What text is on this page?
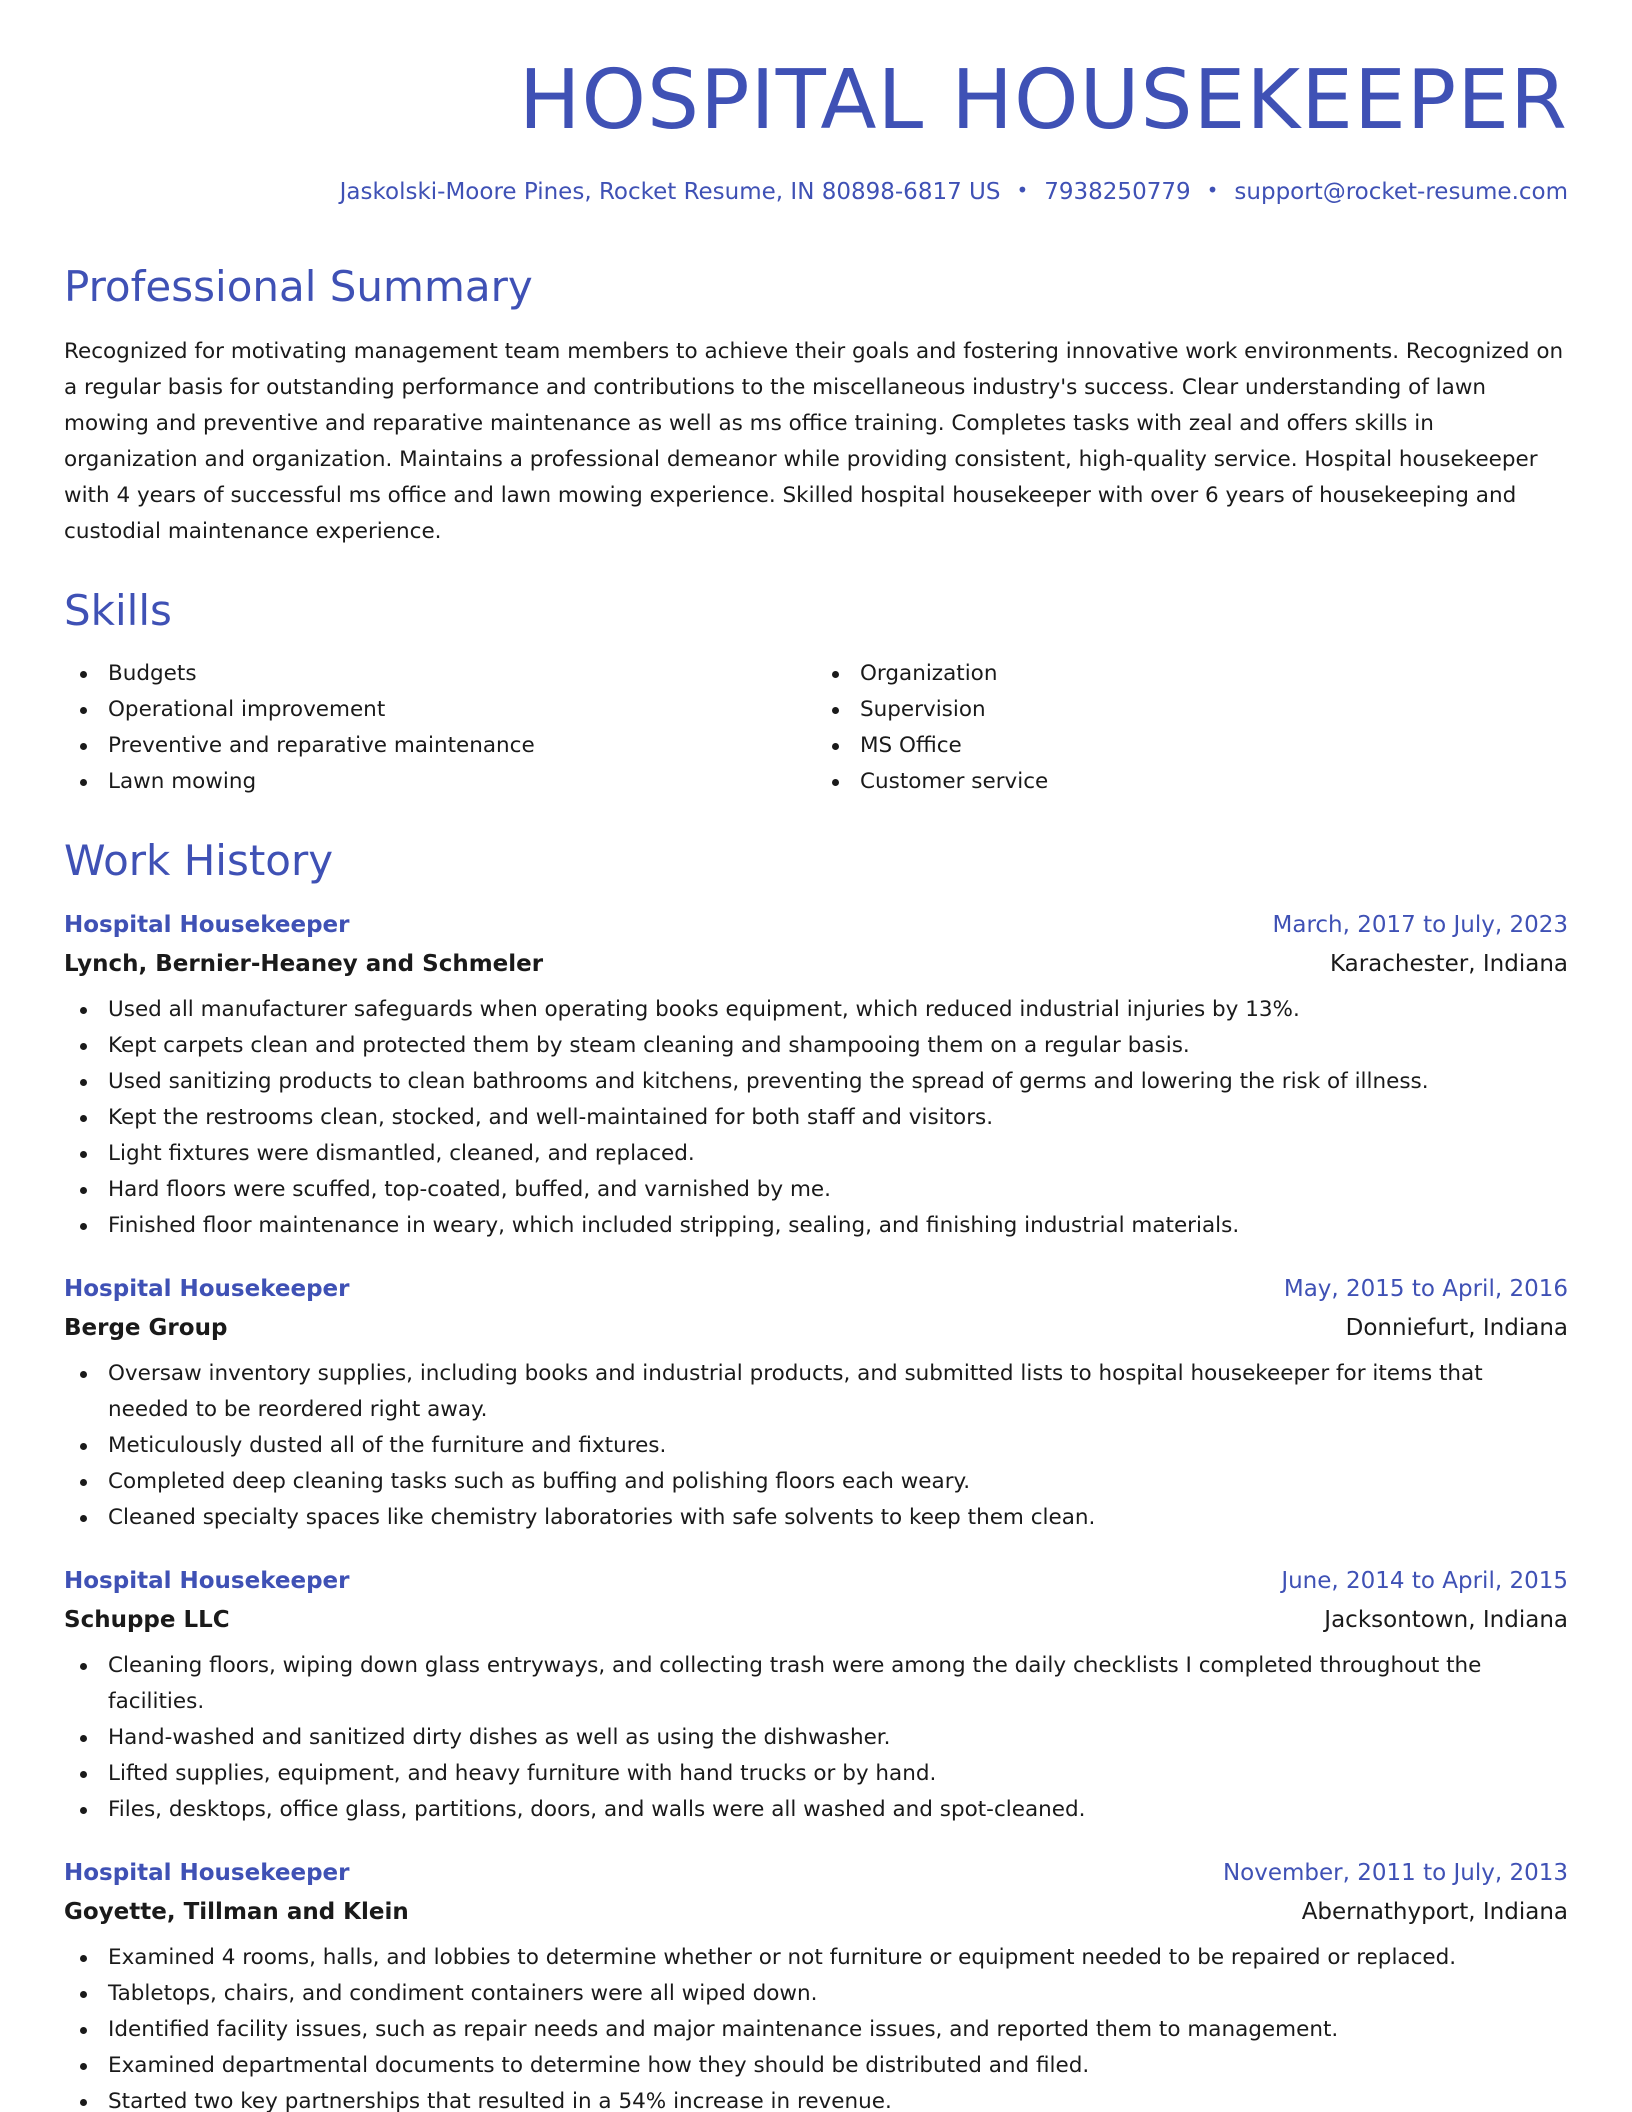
HOSPITAL HOUSEKEEPER
Jaskolski-Moore Pines, Rocket Resume, IN 80898-6817 US • 7938250779 • support@rocket-resume.com
Professional Summary

Recognized for motivating management team members to achieve their goals and fostering innovative work environments. Recognized on a regular basis for outstanding performance and contributions to the miscellaneous industry's success. Clear understanding of lawn mowing and preventive and reparative maintenance as well as ms office training. Completes tasks with zeal and offers skills in organization and organization. Maintains a professional demeanor while providing consistent, high-quality service. Hospital housekeeper with 4 years of successful ms office and lawn mowing experience. Skilled hospital housekeeper with over 6 years of housekeeping and custodial maintenance experience.

Skills
Budgets
Operational improvement
Preventive and reparative maintenance
Lawn mowing
Organization
Supervision
MS Office
Customer service
Work History
Hospital Housekeeper	March, 2017 to July, 2023
Lynch, Bernier-Heaney and Schmeler	Karachester, Indiana
Used all manufacturer safeguards when operating books equipment, which reduced industrial injuries by 13%.
Kept carpets clean and protected them by steam cleaning and shampooing them on a regular basis.
Used sanitizing products to clean bathrooms and kitchens, preventing the spread of germs and lowering the risk of illness.
Kept the restrooms clean, stocked, and well-maintained for both staff and visitors.
Light fixtures were dismantled, cleaned, and replaced.
Hard floors were scuffed, top-coated, buffed, and varnished by me.
Finished floor maintenance in weary, which included stripping, sealing, and finishing industrial materials.
Hospital Housekeeper	May, 2015 to April, 2016
Berge Group	Donniefurt, Indiana
Oversaw inventory supplies, including books and industrial products, and submitted lists to hospital housekeeper for items that needed to be reordered right away.
Meticulously dusted all of the furniture and fixtures.
Completed deep cleaning tasks such as buffing and polishing floors each weary.
Cleaned specialty spaces like chemistry laboratories with safe solvents to keep them clean.
Hospital Housekeeper	June, 2014 to April, 2015
Schuppe LLC	Jacksontown, Indiana
Cleaning floors, wiping down glass entryways, and collecting trash were among the daily checklists I completed throughout the facilities.
Hand-washed and sanitized dirty dishes as well as using the dishwasher.
Lifted supplies, equipment, and heavy furniture with hand trucks or by hand.
Files, desktops, office glass, partitions, doors, and walls were all washed and spot-cleaned.
Hospital Housekeeper	November, 2011 to July, 2013
Goyette, Tillman and Klein	Abernathyport, Indiana
Examined 4 rooms, halls, and lobbies to determine whether or not furniture or equipment needed to be repaired or replaced.
Tabletops, chairs, and condiment containers were all wiped down.
Identified facility issues, such as repair needs and major maintenance issues, and reported them to management.
Examined departmental documents to determine how they should be distributed and filed.
Started two key partnerships that resulted in a 54% increase in revenue.
